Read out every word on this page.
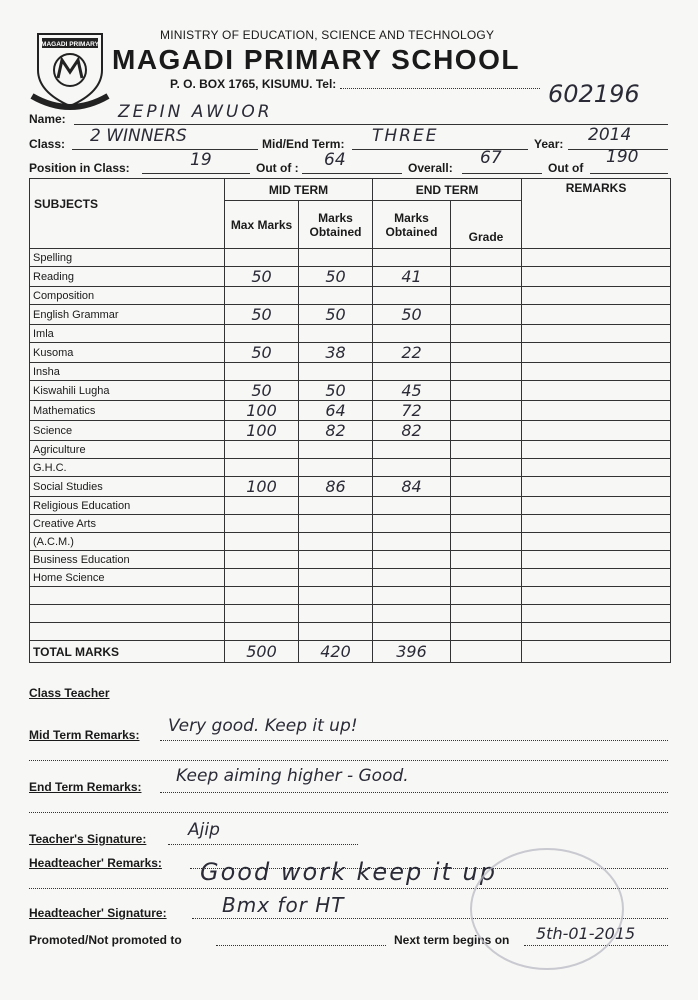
MAGADI PRIMARY
MINISTRY OF EDUCATION, SCIENCE AND TECHNOLOGY
MAGADI PRIMARY SCHOOL
P. O. BOX 1765, KISUMU. Tel:	602196
Name:	ZEPIN AWUOR
Class: 2 WINNERS	Mid/End Term: THREE	Year: 2014
Position in Class:	19	Out of : 64	Overall: 67	Out of
190
SUBJECTS	MID TERM		END TERM		REMARKS
	Max Marks	Marks Obtained	Marks Obtained	Grade	
Spelling					
Reading	50	50	41		
Composition					
English Grammar	50	50	50		
Imla					
Kusoma	50	38	22		
Insha					
Kiswahili Lugha	50	50	45		
Mathematics	100	64	72		
Science	100	82	82		
Agriculture					
G.H.C.					
Social Studies	100	86	84		
Religious Education					
Creative Arts					
(A.C.M.)					
Business Education					
Home Science					

TOTAL MARKS	500	420	396		
Class Teacher
Mid Term Remarks: Very good. Keep it up!
End Term Remarks:
Keep aiming higher - Good.
Teacher's Signature: Ajip
Headteacher' Remarks: Good work keep it up
Headteacher' Signature:	Bmx for HT
Promoted/Not promoted to	Next term begins on 5th-01-2015
